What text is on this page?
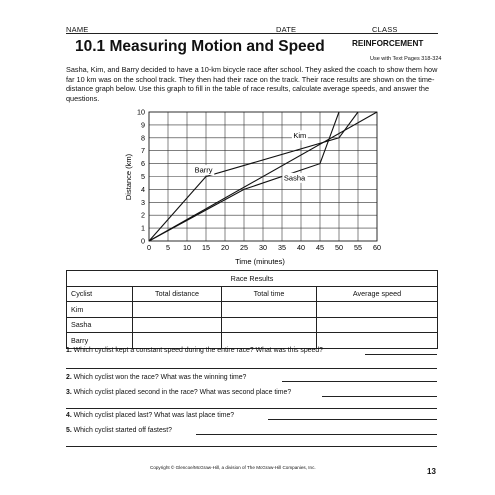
NAME	DATE	CLASS
10.1 Measuring Motion and Speed	REINFORCEMENT
Use with Text Pages 318-324
Sasha, Kim, and Barry decided to have a 10-km bicycle race after school. They asked the coach to show them how far 10 km was on the school track. They then had their race on the track. Their race results are shown on the time-distance graph below. Use this graph to fill in the table of race results, calculate average speeds, and answer the questions.
0 5 10 15 20 25 30 35 40 45 50 55 60
0
1
2
3
4
5
6
7
8
9
10
Kim
Barry
Sasha
Time (minutes)
Distance (km)
Race Results			
Cyclist	Total distance	Total time	Average speed
Kim			
Sasha			
Barry			
1. Which cyclist kept a constant speed during the entire race? What was this speed?
2. Which cyclist won the race? What was the winning time?
3. Which cyclist placed second in the race? What was second place time?
4. Which cyclist placed last? What was last place time?
5. Which cyclist started off fastest?
Copyright © Glencoe/McGraw-Hill, a division of The McGraw-Hill Companies, Inc.	13
